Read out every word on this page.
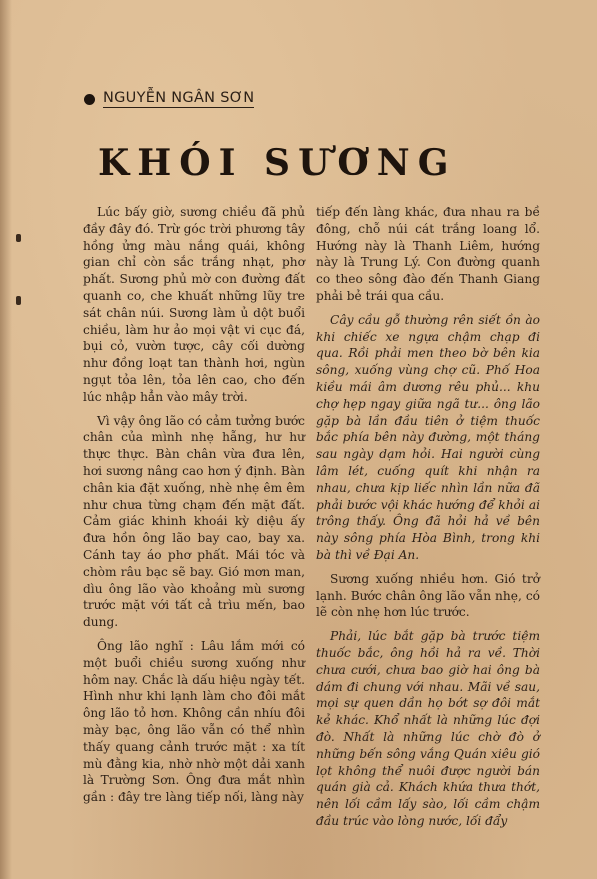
NGUYỄN NGÂN SƠN
KHÓI SƯƠNG

Lúc bấy giờ, sương chiều đã phủ đầy đây đó. Trừ góc trời phương tây hồng ửng màu nắng quái, không gian chỉ còn sắc trắng nhạt, phơ phất. Sương phủ mờ con đường đất quanh co, che khuất những lũy tre sát chân núi. Sương làm ủ dột buổi chiều, làm hư ảo mọi vật vi cục đá, bụi cỏ, vườn tược, cây cối dường như đồng loạt tan thành hơi, ngùn ngụt tỏa lên, tỏa lên cao, cho đến lúc nhập hẳn vào mây trời.

Vì vậy ông lão có cảm tưởng bước chân của mình nhẹ hẫng, hư hư thực thực. Bàn chân vừa đưa lên, hơi sương nâng cao hơn ý định. Bàn chân kia đặt xuống, nhè nhẹ êm êm như chưa từng chạm đến mặt đất. Cảm giác khinh khoái kỳ diệu ấy đưa hồn ông lão bay cao, bay xa. Cánh tay áo phơ phất. Mái tóc và chòm râu bạc sẽ bay. Gió mơn man, dìu ông lão vào khoảng mù sương trước mặt với tất cả trìu mến, bao dung.

Ông lão nghĩ : Lâu lắm mới có một buổi chiều sương xuống như hôm nay. Chắc là dấu hiệu ngày tết. Hình như khi lạnh làm cho đôi mắt ông lão tỏ hơn. Không cần nhíu đôi mày bạc, ông lão vẫn có thể nhìn thấy quang cảnh trước mặt : xa tít mù đằng kia, nhờ nhờ một dải xanh là Trường Sơn. Ông đưa mắt nhìn gần : đây tre làng tiếp nối, làng này

tiếp đến làng khác, đưa nhau ra bề đông, chỗ núi cát trắng loang lổ. Hướng này là Thanh Liêm, hướng này là Trung Lý. Con đường quanh co theo sông đào đến Thanh Giang phải bẻ trái qua cầu.

Cây cầu gỗ thường rên siết ồn ào khi chiếc xe ngựa chậm chạp đi qua. Rồi phải men theo bờ bên kia sông, xuống vùng chợ cũ. Phố Hoa kiều mái âm dương rêu phủ... khu chợ hẹp ngay giữa ngã tư... ông lão gặp bà lần đầu tiên ở tiệm thuốc bắc phía bên này đường, một tháng sau ngày dạm hỏi. Hai người cùng lâm lét, cuống quít khi nhận ra nhau, chưa kịp liếc nhìn lần nữa đã phải bước vội khác hướng để khỏi ai trông thấy. Ông đã hỏi hả về bên này sông phía Hòa Bình, trong khi bà thì về Đại An.

Sương xuống nhiều hơn. Gió trở lạnh. Bước chân ông lão vẫn nhẹ, có lẽ còn nhẹ hơn lúc trước.

Phải, lúc bắt gặp bà trước tiệm thuốc bắc, ông hồi hả ra về. Thời chưa cưới, chưa bao giờ hai ông bà dám đi chung với nhau. Mãi về sau, mọi sự quen dần họ bớt sợ đôi mắt kẻ khác. Khổ nhất là những lúc đợi đò. Nhất là những lúc chờ đò ở những bến sông vắng Quán xiêu gió lọt không thể nuôi được người bán quán già cả. Khách khứa thưa thớt, nên lối cầm lấy sào, lối cầm chậm đầu trúc vào lòng nước, lối đẩy
